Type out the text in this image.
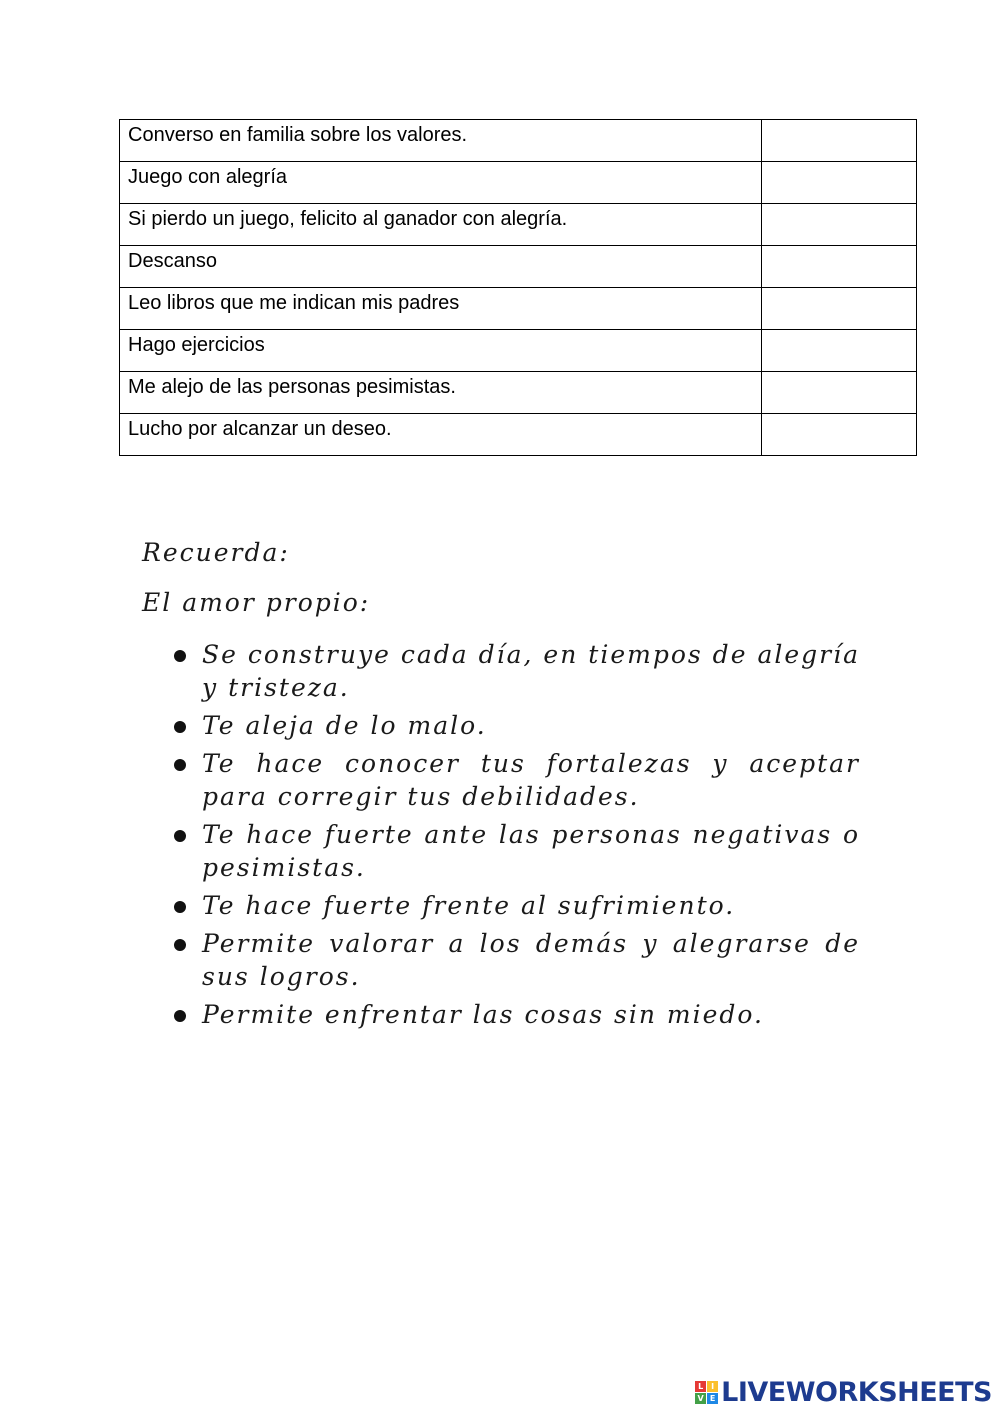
Converso en familia sobre los valores.	
Juego con alegría	
Si pierdo un juego, felicito al ganador con alegría.	
Descanso	
Leo libros que me indican mis padres	
Hago ejercicios	
Me alejo de las personas pesimistas.	
Lucho por alcanzar un deseo.	
Recuerda:
El amor propio:
Se construye cada día, en tiempos de alegría y tristeza.
Te aleja de lo malo.
Te hace conocer tus fortalezas y aceptar para corregir tus debilidades.
Te hace fuerte ante las personas negativas o pesimistas.
Te hace fuerte frente al sufrimiento.
Permite valorar a los demás y alegrarse de sus logros.
Permite enfrentar las cosas sin miedo.
L I
V E LIVEWORKSHEETS
